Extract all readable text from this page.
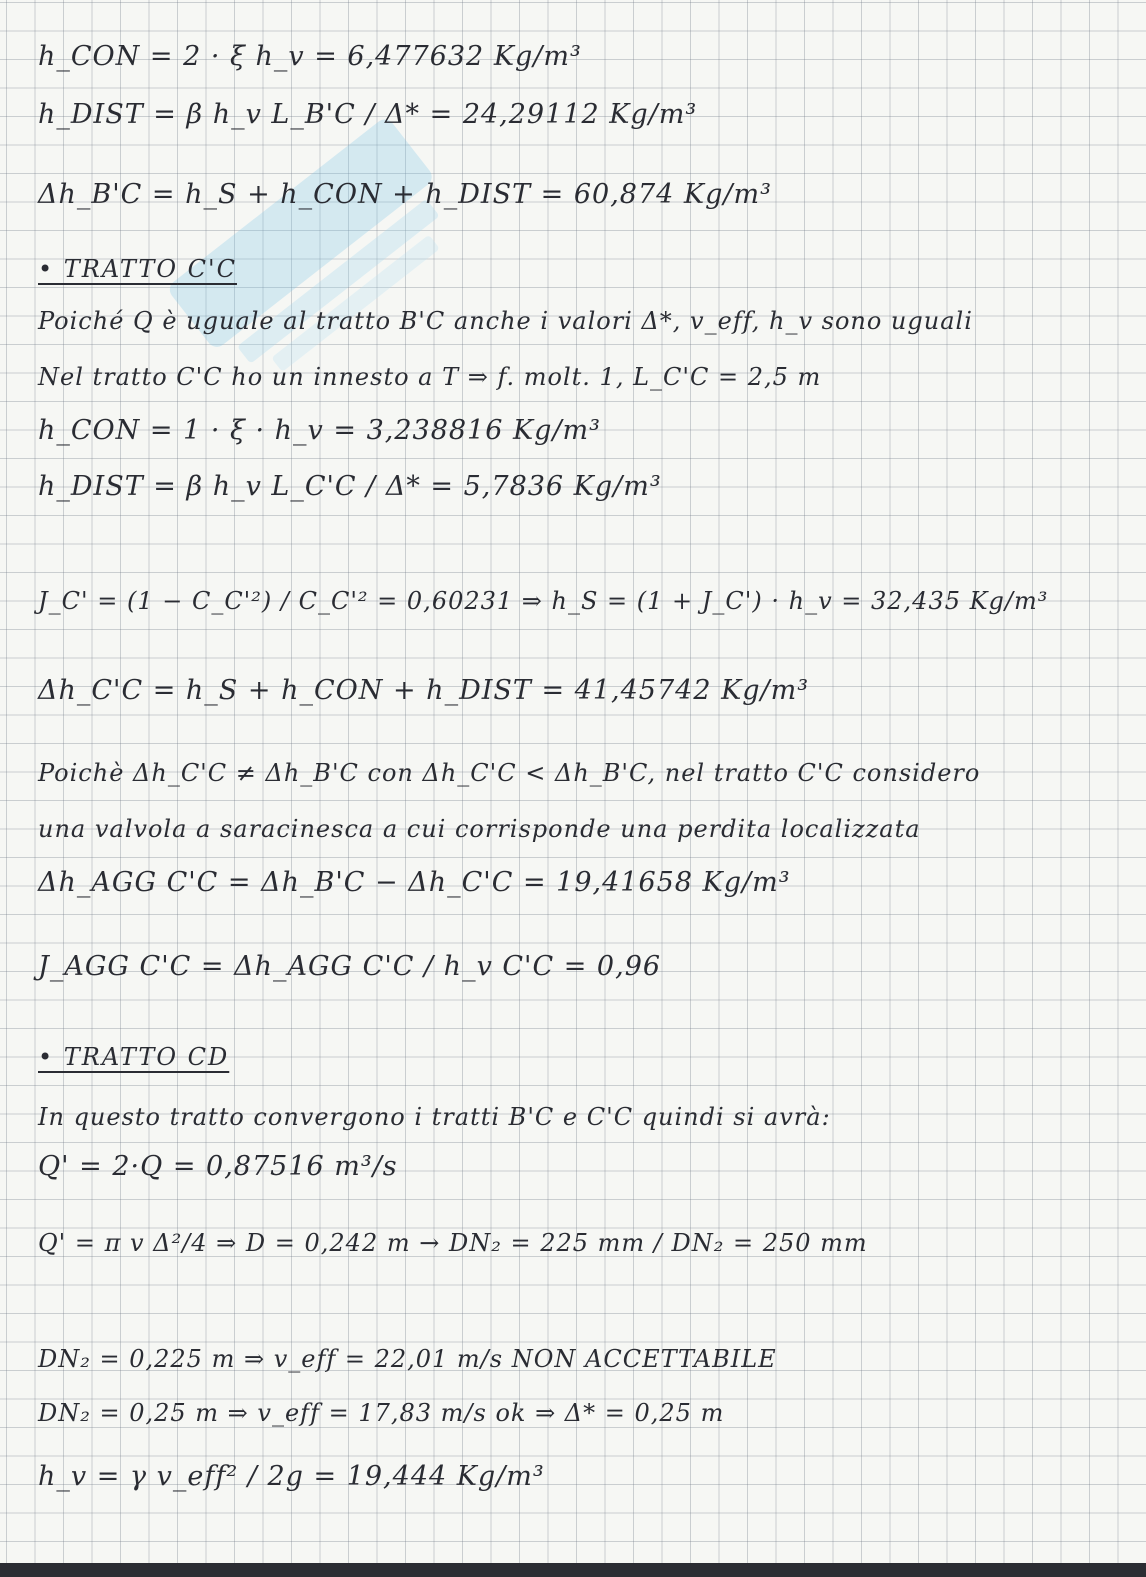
h_CON = 2 · ξ h_v = 6,477632 Kg/m³
h_DIST = β h_v L_B'C / Δ* = 24,29112 Kg/m³
Δh_B'C = h_S + h_CON + h_DIST = 60,874 Kg/m³
• TRATTO C'C
Poiché Q è uguale al tratto B'C anche i valori Δ*, v_eff, h_v sono uguali
Nel tratto C'C ho un innesto a T ⇒ f. molt. 1, L_C'C = 2,5 m
h_CON = 1 · ξ · h_v = 3,238816 Kg/m³
h_DIST = β h_v L_C'C / Δ* = 5,7836 Kg/m³
J_C' = (1 − C_C'²) / C_C'² = 0,60231 ⇒ h_S = (1 + J_C') · h_v = 32,435 Kg/m³
Δh_C'C = h_S + h_CON + h_DIST = 41,45742 Kg/m³
Poichè Δh_C'C ≠ Δh_B'C con Δh_C'C < Δh_B'C, nel tratto C'C considero
una valvola a saracinesca a cui corrisponde una perdita localizzata
Δh_AGG C'C = Δh_B'C − Δh_C'C = 19,41658 Kg/m³
J_AGG C'C = Δh_AGG C'C / h_v C'C = 0,96
• TRATTO CD
In questo tratto convergono i tratti B'C e C'C quindi si avrà:
Q' = 2·Q = 0,87516 m³/s
Q' = π v Δ²/4 ⇒ D = 0,242 m → DN₂ = 225 mm / DN₂ = 250 mm
DN₂ = 0,225 m ⇒ v_eff = 22,01 m/s NON ACCETTABILE
DN₂ = 0,25 m ⇒ v_eff = 17,83 m/s ok ⇒ Δ* = 0,25 m
h_v = γ v_eff² / 2g = 19,444 Kg/m³
